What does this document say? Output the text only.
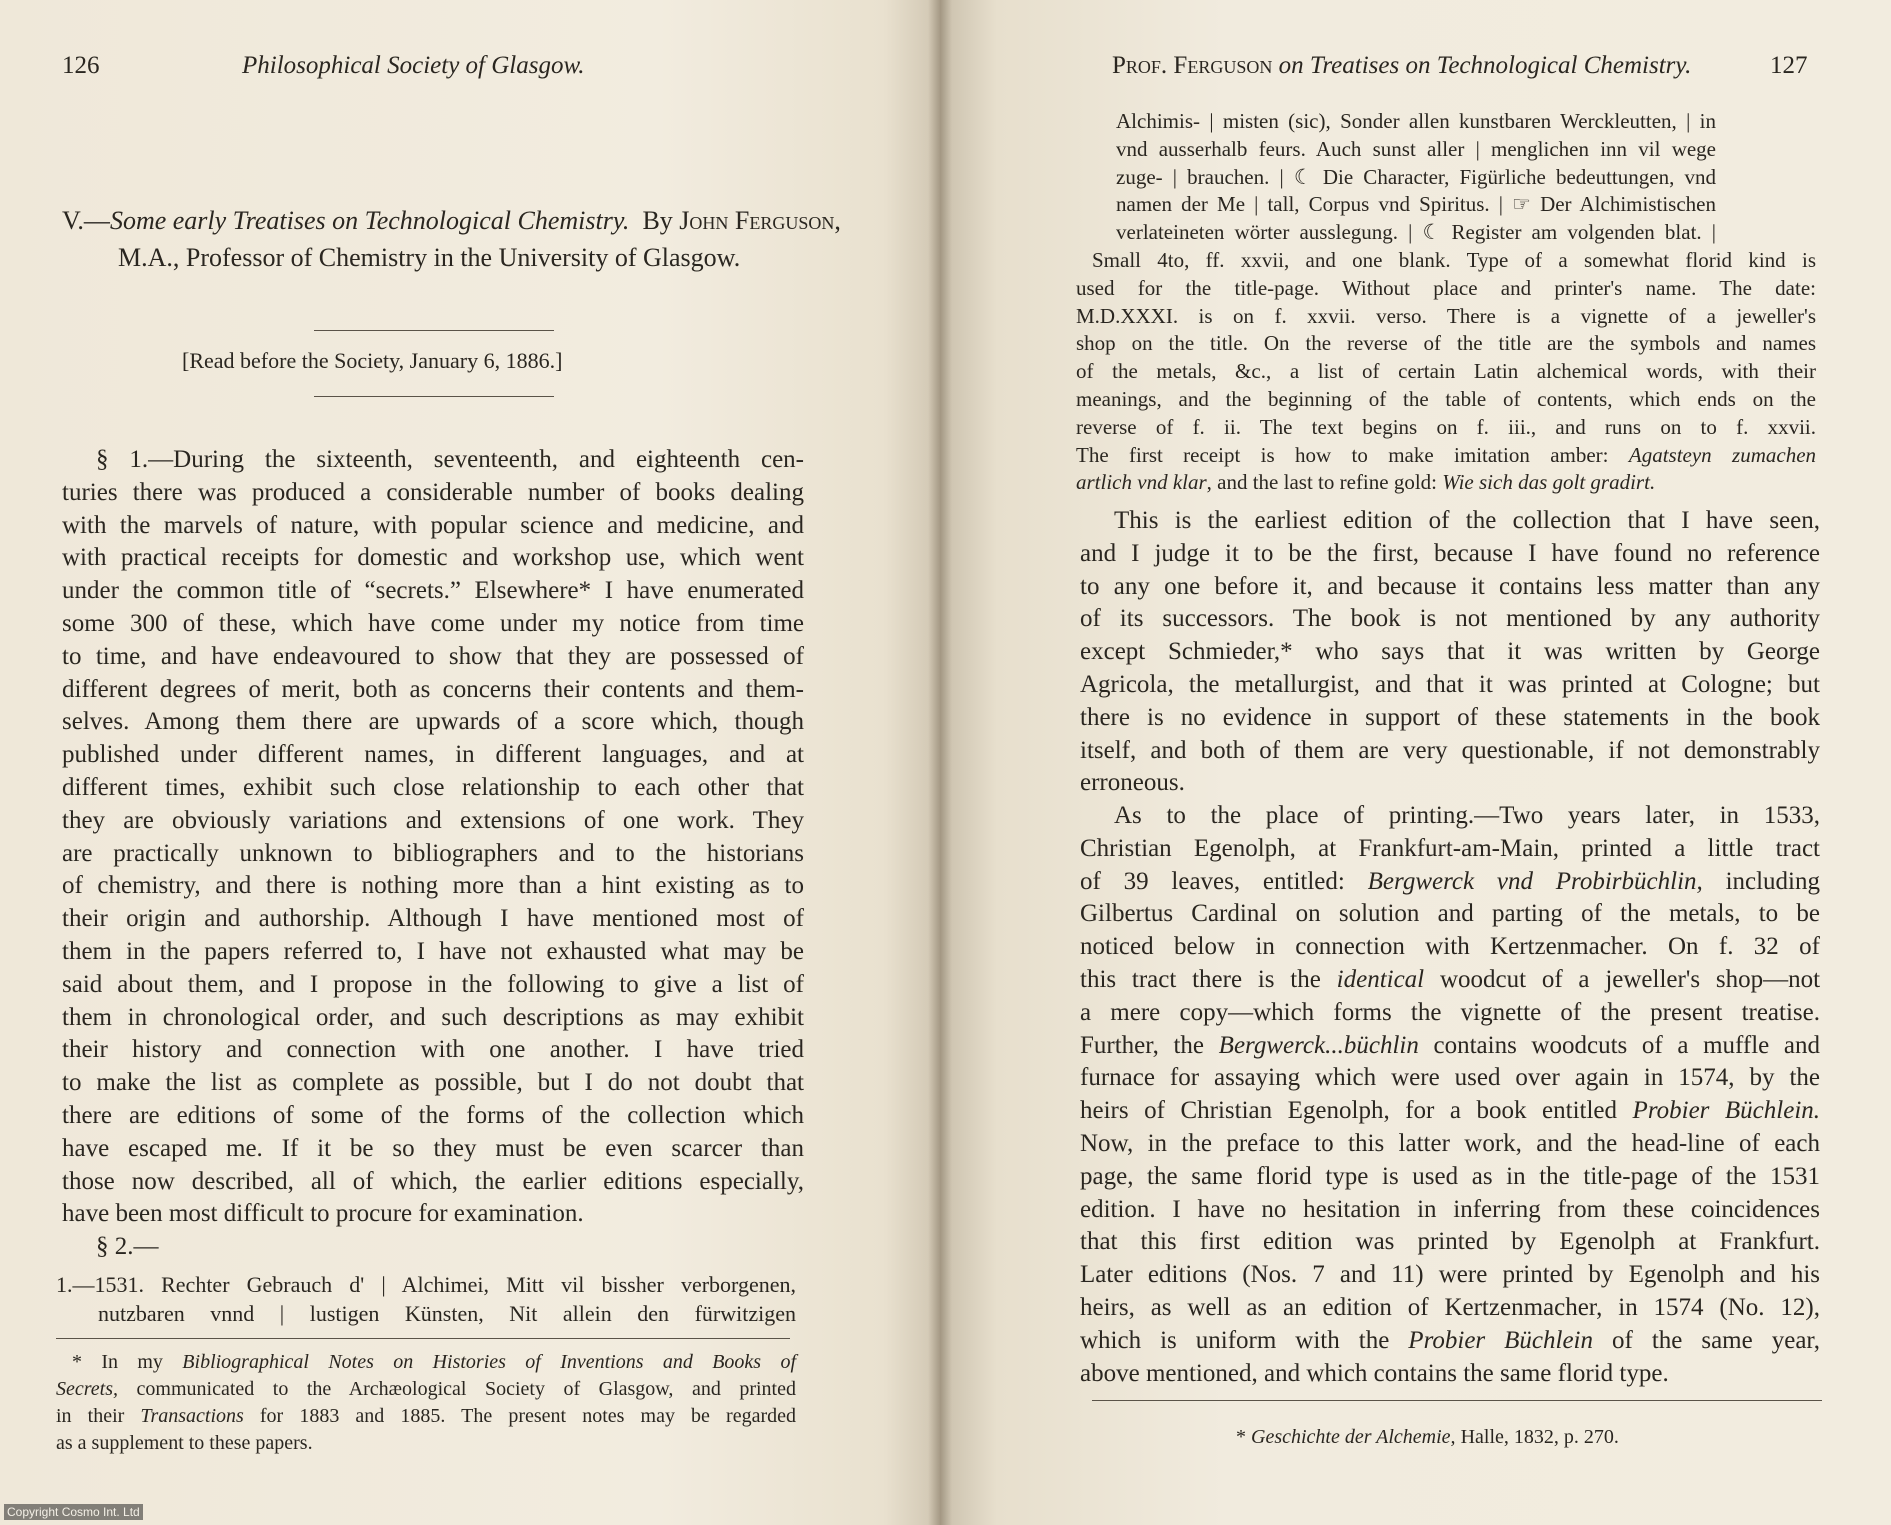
126	Philosophical Society of Glasgow.
V.—Some early Treatises on Technological Chemistry. By John Ferguson, M.A., Professor of Chemistry in the University of Glasgow.
[Read before the Society, January 6, 1886.]
§ 1.—During the sixteenth, seventeenth, and eighteenth cen-
turies there was produced a considerable number of books dealing
with the marvels of nature, with popular science and medicine, and
with practical receipts for domestic and workshop use, which went
under the common title of “secrets.” Elsewhere* I have enumerated
some 300 of these, which have come under my notice from time
to time, and have endeavoured to show that they are possessed of
different degrees of merit, both as concerns their contents and them-
selves. Among them there are upwards of a score which, though
published under different names, in different languages, and at
different times, exhibit such close relationship to each other that
they are obviously variations and extensions of one work. They
are practically unknown to bibliographers and to the historians
of chemistry, and there is nothing more than a hint existing as to
their origin and authorship. Although I have mentioned most of
them in the papers referred to, I have not exhausted what may be
said about them, and I propose in the following to give a list of
them in chronological order, and such descriptions as may exhibit
their history and connection with one another. I have tried
to make the list as complete as possible, but I do not doubt that
there are editions of some of the forms of the collection which
have escaped me. If it be so they must be even scarcer than
those now described, all of which, the earlier editions especially,
have been most difficult to procure for examination.
§ 2.—
1.—1531. Rechter Gebrauch d' | Alchimei, Mitt vil bissher verborgenen,
nutzbaren vnnd | lustigen Künsten, Nit allein den fürwitzigen
* In my Bibliographical Notes on Histories of Inventions and Books of
Secrets, communicated to the Archæological Society of Glasgow, and printed
in their Transactions for 1883 and 1885. The present notes may be regarded
as a supplement to these papers.
Copyright Cosmo Int. Ltd
Prof. Ferguson on Treatises on Technological Chemistry.	127
Alchimis- | misten (sic), Sonder allen kunstbaren Wercklеutten, | in
vnd ausserhalb feurs. Auch sunst aller | menglichen inn vil wege
zuge- | brauchen. | ☾ Die Character, Figürliche bedeuttungen, vnd
namen der Me | tall, Corpus vnd Spiritus. | ☞ Der Alchimistischen
verlateineten wörter ausslegung. | ☾ Register am volgenden blat. |
Small 4to, ff. xxvii, and one blank. Type of a somewhat florid kind is
used for the title-page. Without place and printer's name. The date:
M.D.XXXI. is on f. xxvii. verso. There is a vignette of a jeweller's
shop on the title. On the reverse of the title are the symbols and names
of the metals, &c., a list of certain Latin alchemical words, with their
meanings, and the beginning of the table of contents, which ends on the
reverse of f. ii. The text begins on f. iii., and runs on to f. xxvii.
The first receipt is how to make imitation amber: Agatsteyn zumachen
artlich vnd klar, and the last to refine gold: Wie sich das golt gradirt.
This is the earliest edition of the collection that I have seen,
and I judge it to be the first, because I have found no reference
to any one before it, and because it contains less matter than any
of its successors. The book is not mentioned by any authority
except Schmieder,* who says that it was written by George
Agricola, the metallurgist, and that it was printed at Cologne; but
there is no evidence in support of these statements in the book
itself, and both of them are very questionable, if not demonstrably
erroneous.
As to the place of printing.—Two years later, in 1533,
Christian Egenolph, at Frankfurt-am-Main, printed a little tract
of 39 leaves, entitled: Bergwerck vnd Probirbüchlin, including
Gilbertus Cardinal on solution and parting of the metals, to be
noticed below in connection with Kertzenmacher. On f. 32 of
this tract there is the identical woodcut of a jeweller's shop—not
a mere copy—which forms the vignette of the present treatise.
Further, the Bergwerck...büchlin contains woodcuts of a muffle and
furnace for assaying which were used over again in 1574, by the
heirs of Christian Egenolph, for a book entitled Probier Büchlein.
Now, in the preface to this latter work, and the head-line of each
page, the same florid type is used as in the title-page of the 1531
edition. I have no hesitation in inferring from these coincidences
that this first edition was printed by Egenolph at Frankfurt.
Later editions (Nos. 7 and 11) were printed by Egenolph and his
heirs, as well as an edition of Kertzenmacher, in 1574 (No. 12),
which is uniform with the Probier Büchlein of the same year,
above mentioned, and which contains the same florid type.
* Geschichte der Alchemie, Halle, 1832, p. 270.
